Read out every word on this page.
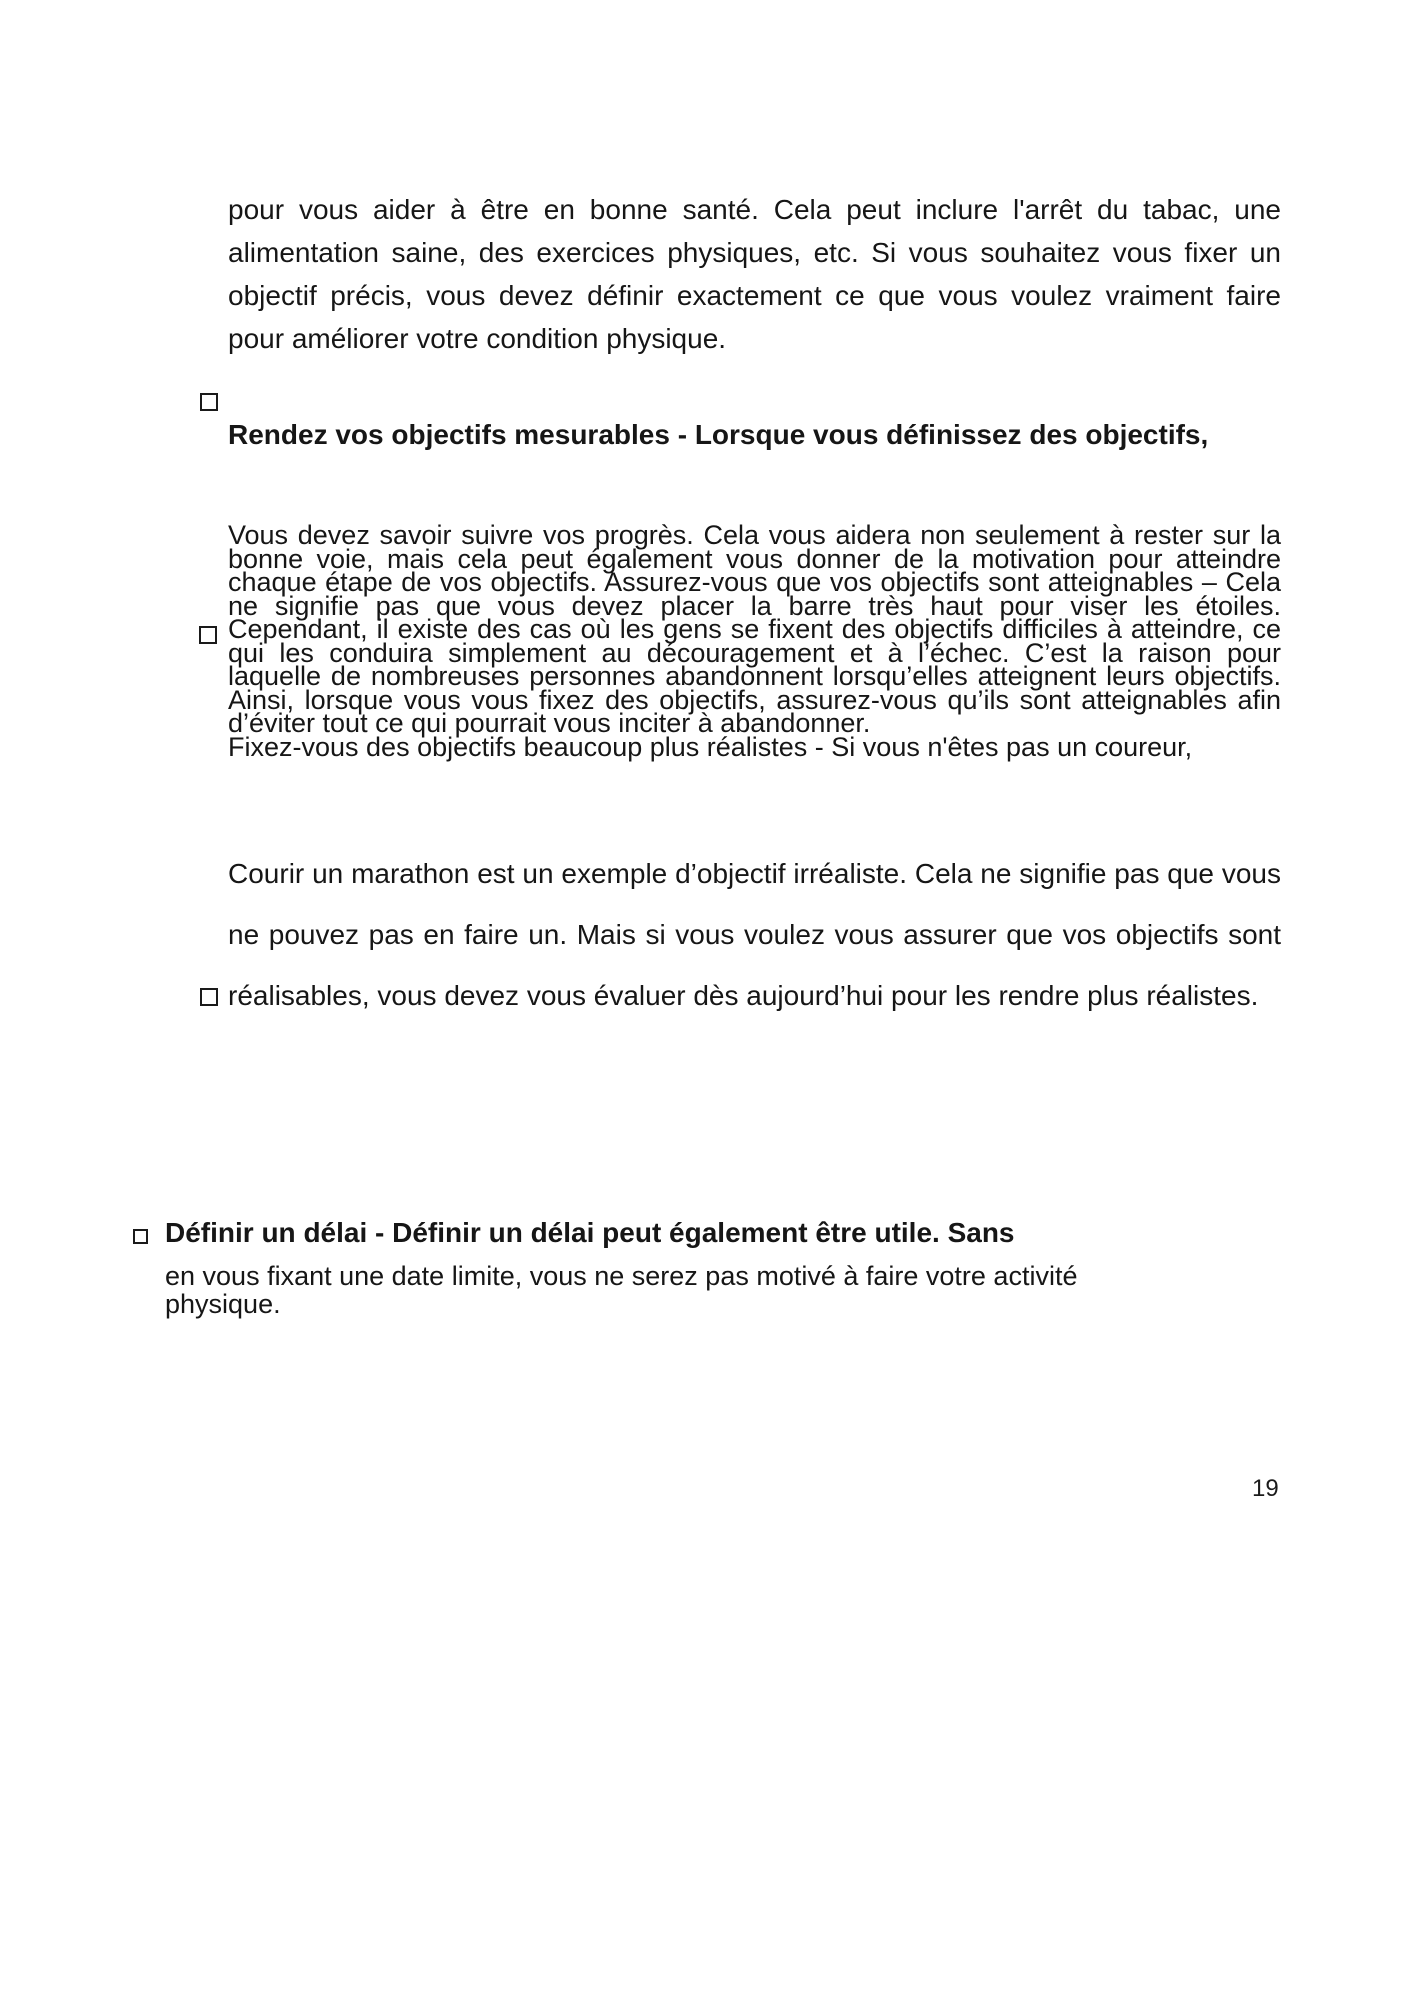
pour vous aider à être en bonne santé. Cela peut inclure l'arrêt du tabac, une alimentation saine, des exercices physiques, etc. Si vous souhaitez vous fixer un objectif précis, vous devez définir exactement ce que vous voulez vraiment faire pour améliorer votre condition physique.

Rendez vos objectifs mesurables - Lorsque vous définissez des objectifs,

Vous devez savoir suivre vos progrès. Cela vous aidera non seulement à rester sur la bonne voie, mais cela peut également vous donner de la motivation pour atteindre chaque étape de vos objectifs. Assurez-vous que vos objectifs sont atteignables – Cela ne signifie pas que vous devez placer la barre très haut pour viser les étoiles. Cependant, il existe des cas où les gens se fixent des objectifs difficiles à atteindre, ce qui les conduira simplement au découragement et à l’échec. C’est la raison pour laquelle de nombreuses personnes abandonnent lorsqu’elles atteignent leurs objectifs. Ainsi, lorsque vous vous fixez des objectifs, assurez-vous qu’ils sont atteignables afin d’éviter tout ce qui pourrait vous inciter à abandonner.

Fixez-vous des objectifs beaucoup plus réalistes - Si vous n'êtes pas un coureur,

Courir un marathon est un exemple d’objectif irréaliste. Cela ne signifie pas que vous ne pouvez pas en faire un. Mais si vous voulez vous assurer que vos objectifs sont réalisables, vous devez vous évaluer dès aujourd’hui pour les rendre plus réalistes.

Définir un délai - Définir un délai peut également être utile. Sans

en vous fixant une date limite, vous ne serez pas motivé à faire votre activité physique.

19
